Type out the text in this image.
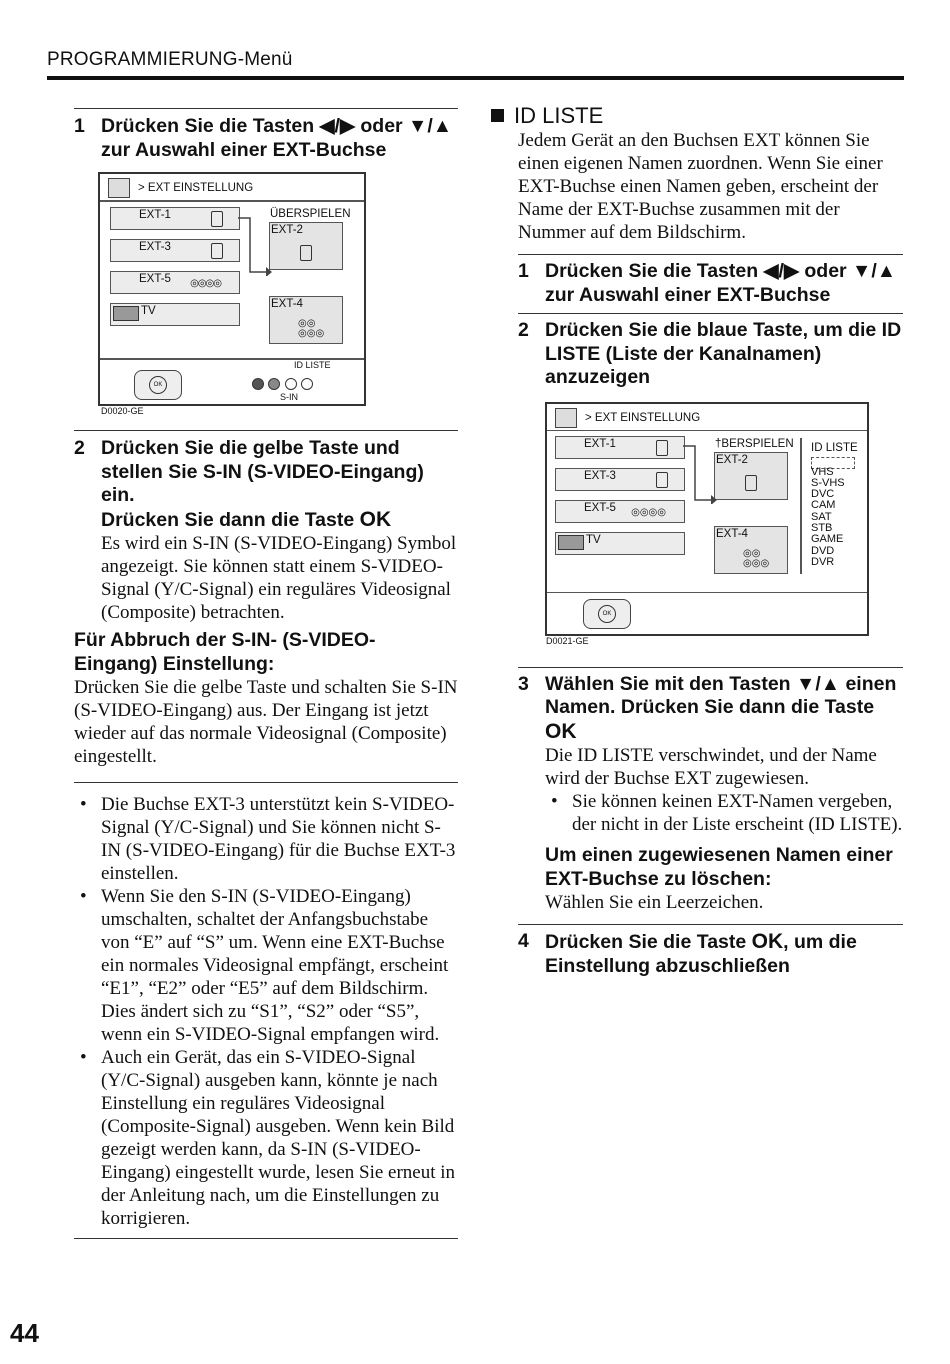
PROGRAMMIERUNG-Menü
1 Drücken Sie die Tasten ◀/▶ oder ▼/▲ zur Auswahl einer EXT-Buchse
> EXT EINSTELLUNG
EXT-1
EXT-3
EXT-5 ◎◎◎◎
TV
ÜBERSPIELEN
EXT-2
EXT-4
◎◎
◎◎◎
OK
ID LISTE

S-IN
D0020-GE
2 Drücken Sie die gelbe Taste und stellen Sie S-IN (S-VIDEO-Eingang) ein.
Drücken Sie dann die Taste OK
Es wird ein S-IN (S-VIDEO-Eingang) Symbol angezeigt. Sie können statt einem S-VIDEO-Signal (Y/C-Signal) ein reguläres Videosignal (Composite) betrachten.
Für Abbruch der S-IN- (S-VIDEO-Eingang) Einstellung:
Drücken Sie die gelbe Taste und schalten Sie S-IN (S-VIDEO-Eingang) aus. Der Eingang ist jetzt wieder auf das normale Videosignal (Composite) eingestellt.
• Die Buchse EXT-3 unterstützt kein S-VIDEO-Signal (Y/C-Signal) und Sie können nicht S-IN (S-VIDEO-Eingang) für die Buchse EXT-3 einstellen.
• Wenn Sie den S-IN (S-VIDEO-Eingang) umschalten, schaltet der Anfangsbuchstabe von “E” auf “S” um. Wenn eine EXT-Buchse ein normales Videosignal empfängt, erscheint “E1”, “E2” oder “E5” auf dem Bildschirm. Dies ändert sich zu “S1”, “S2” oder “S5”, wenn ein S-VIDEO-Signal empfangen wird.
• Auch ein Gerät, das ein S-VIDEO-Signal (Y/C-Signal) ausgeben kann, könnte je nach Einstellung ein reguläres Videosignal (Composite-Signal) ausgeben. Wenn kein Bild gezeigt werden kann, da S-IN (S-VIDEO-Eingang) eingestellt wurde, lesen Sie erneut in der Anleitung nach, um die Einstellungen zu korrigieren.
ID LISTE
Jedem Gerät an den Buchsen EXT können Sie einen eigenen Namen zuordnen. Wenn Sie einer EXT-Buchse einen Namen geben, erscheint der Name der EXT-Buchse zusammen mit der Nummer auf dem Bildschirm.
1 Drücken Sie die Tasten ◀/▶ oder ▼/▲ zur Auswahl einer EXT-Buchse
2 Drücken Sie die blaue Taste, um die ID LISTE (Liste der Kanalnamen) anzuzeigen
> EXT EINSTELLUNG
EXT-1
EXT-3
EXT-5 ◎◎◎◎
TV
†BERSPIELEN
EXT-2
EXT-4
◎◎
◎◎◎
ID LISTE
VHS
S-VHS
DVC
CAM
SAT
STB
GAME
DVD
DVR
OK
D0021-GE
3 Wählen Sie mit den Tasten ▼/▲ einen Namen. Drücken Sie dann die Taste OK
Die ID LISTE verschwindet, und der Name wird der Buchse EXT zugewiesen.
• Sie können keinen EXT-Namen vergeben, der nicht in der Liste erscheint (ID LISTE).
Um einen zugewiesenen Namen einer EXT-Buchse zu löschen:
Wählen Sie ein Leerzeichen.
4 Drücken Sie die Taste OK, um die Einstellung abzuschließen
44
